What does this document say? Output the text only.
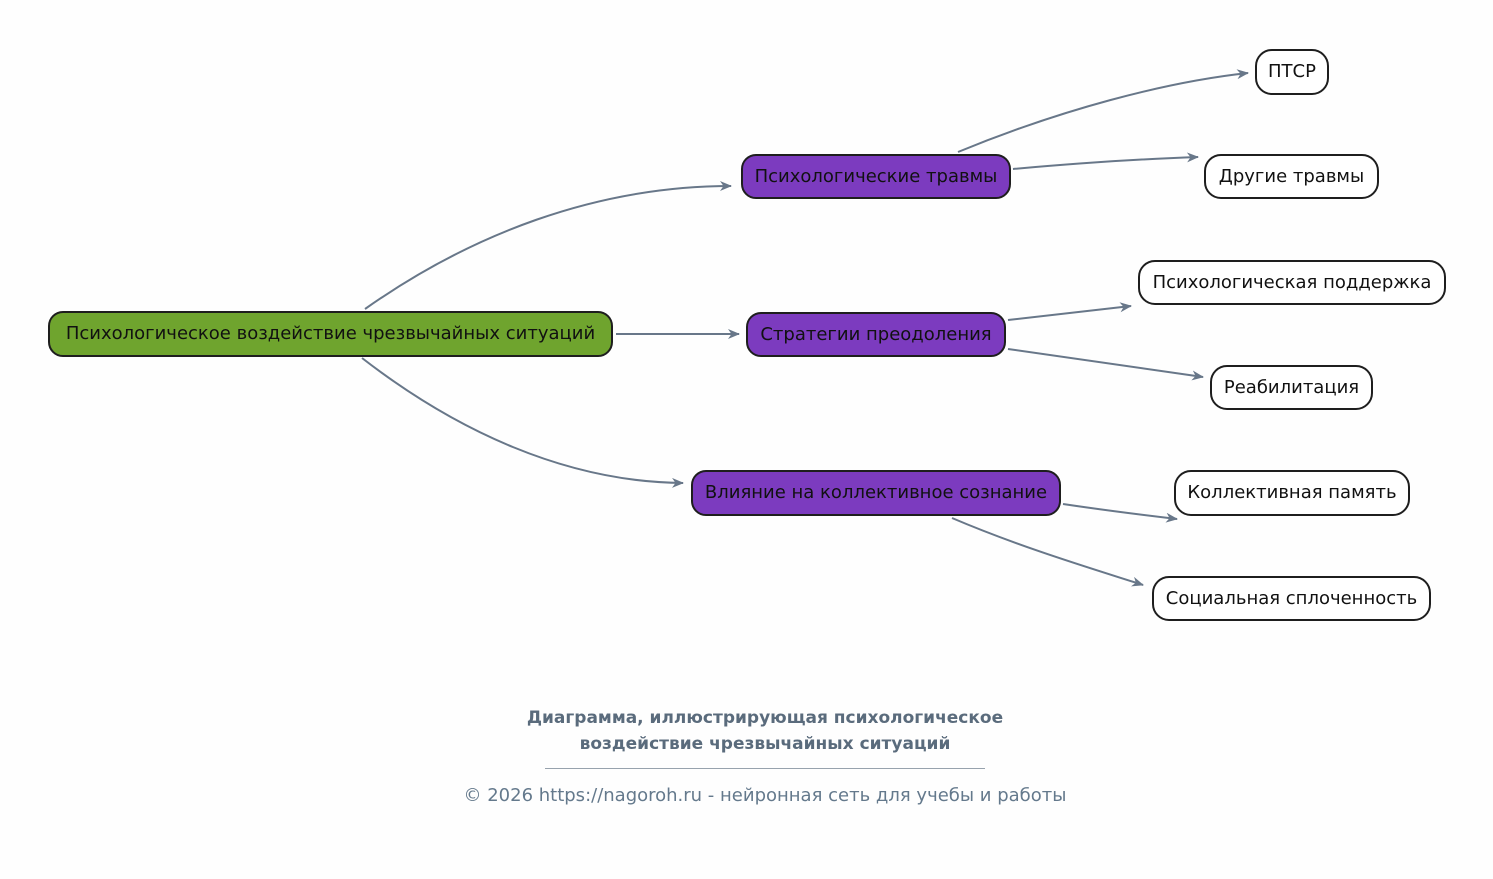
Психологическое воздействие чрезвычайных ситуаций
Психологические травмы
Стратегии преодоления
Влияние на коллективное сознание
ПТСР
Другие травмы
Психологическая поддержка
Реабилитация
Коллективная память
Социальная сплоченность
Диаграмма, иллюстрирующая психологическое
воздействие чрезвычайных ситуаций
© 2026 https://nagoroh.ru - нейронная сеть для учебы и работы
